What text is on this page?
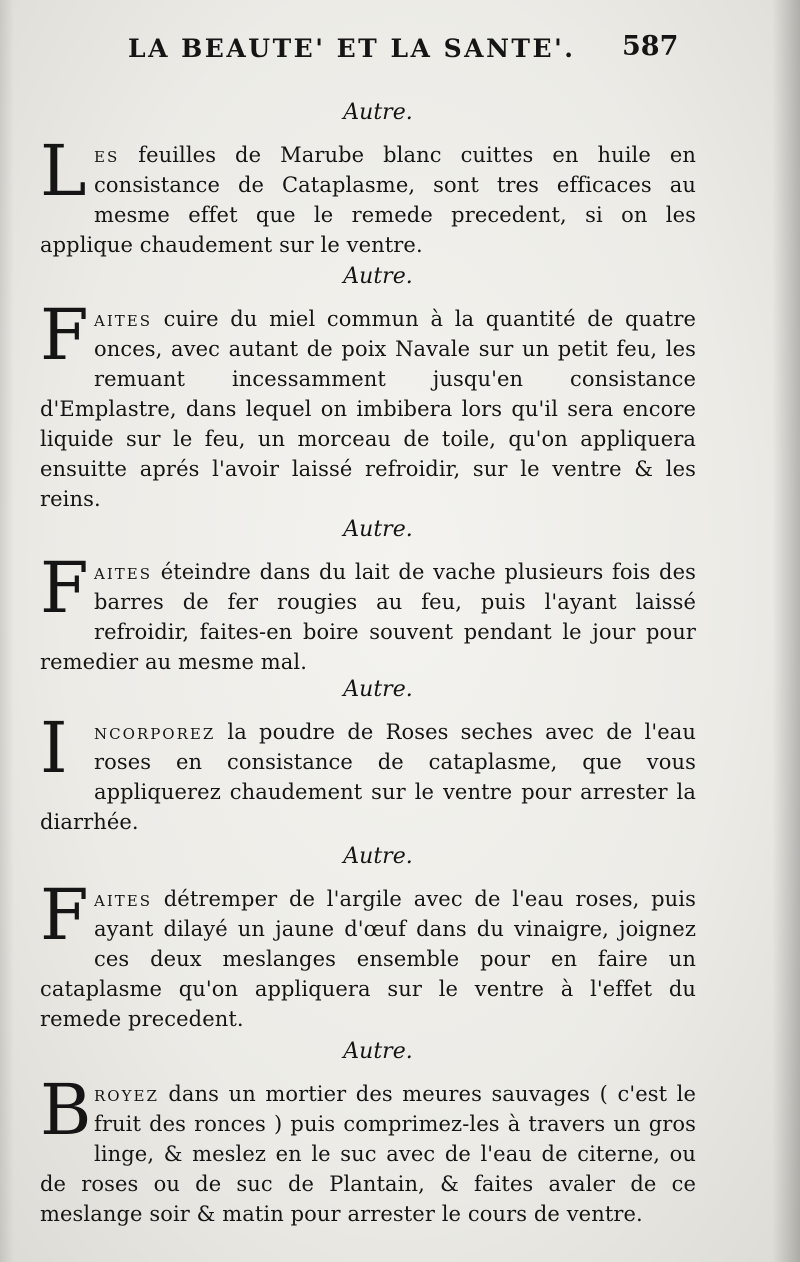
LA BEAUTE' ET LA SANTE'. 587
Autre.
Les feuilles de Marube blanc cuittes en huile en consistance de Cataplasme, sont tres efficaces au mesme effet que le remede precedent, si on les applique chaudement sur le ventre.
Autre.
Faites cuire du miel commun à la quantité de quatre onces, avec autant de poix Navale sur un petit feu, les remuant incessamment jusqu'en consistance d'Emplastre, dans lequel on imbibera lors qu'il sera encore liquide sur le feu, un morceau de toile, qu'on appliquera ensuitte aprés l'avoir laissé refroidir, sur le ventre & les reins.
Autre.
Faites éteindre dans du lait de vache plusieurs fois des barres de fer rougies au feu, puis l'ayant laissé refroidir, faites-en boire souvent pendant le jour pour remedier au mesme mal.
Autre.
I	ncorporez la poudre de Roses seches avec de l'eau roses en consistance de cataplasme, que vous appliquerez chaudement sur le ventre pour arrester la diarrhée.
Autre.
Faites détremper de l'argile avec de l'eau roses, puis ayant dilayé un jaune d'œuf dans du vinaigre, joignez ces deux meslanges ensemble pour en faire un cataplasme qu'on appliquera sur le ventre à l'effet du remede precedent.
Autre.
Broyez dans un mortier des meures sauvages ( c'est le fruit des ronces ) puis comprimez-les à travers un gros linge, & meslez en le suc avec de l'eau de citerne, ou de roses ou de suc de Plantain, & faites avaler de ce meslange soir & matin pour arrester le cours de ventre.
